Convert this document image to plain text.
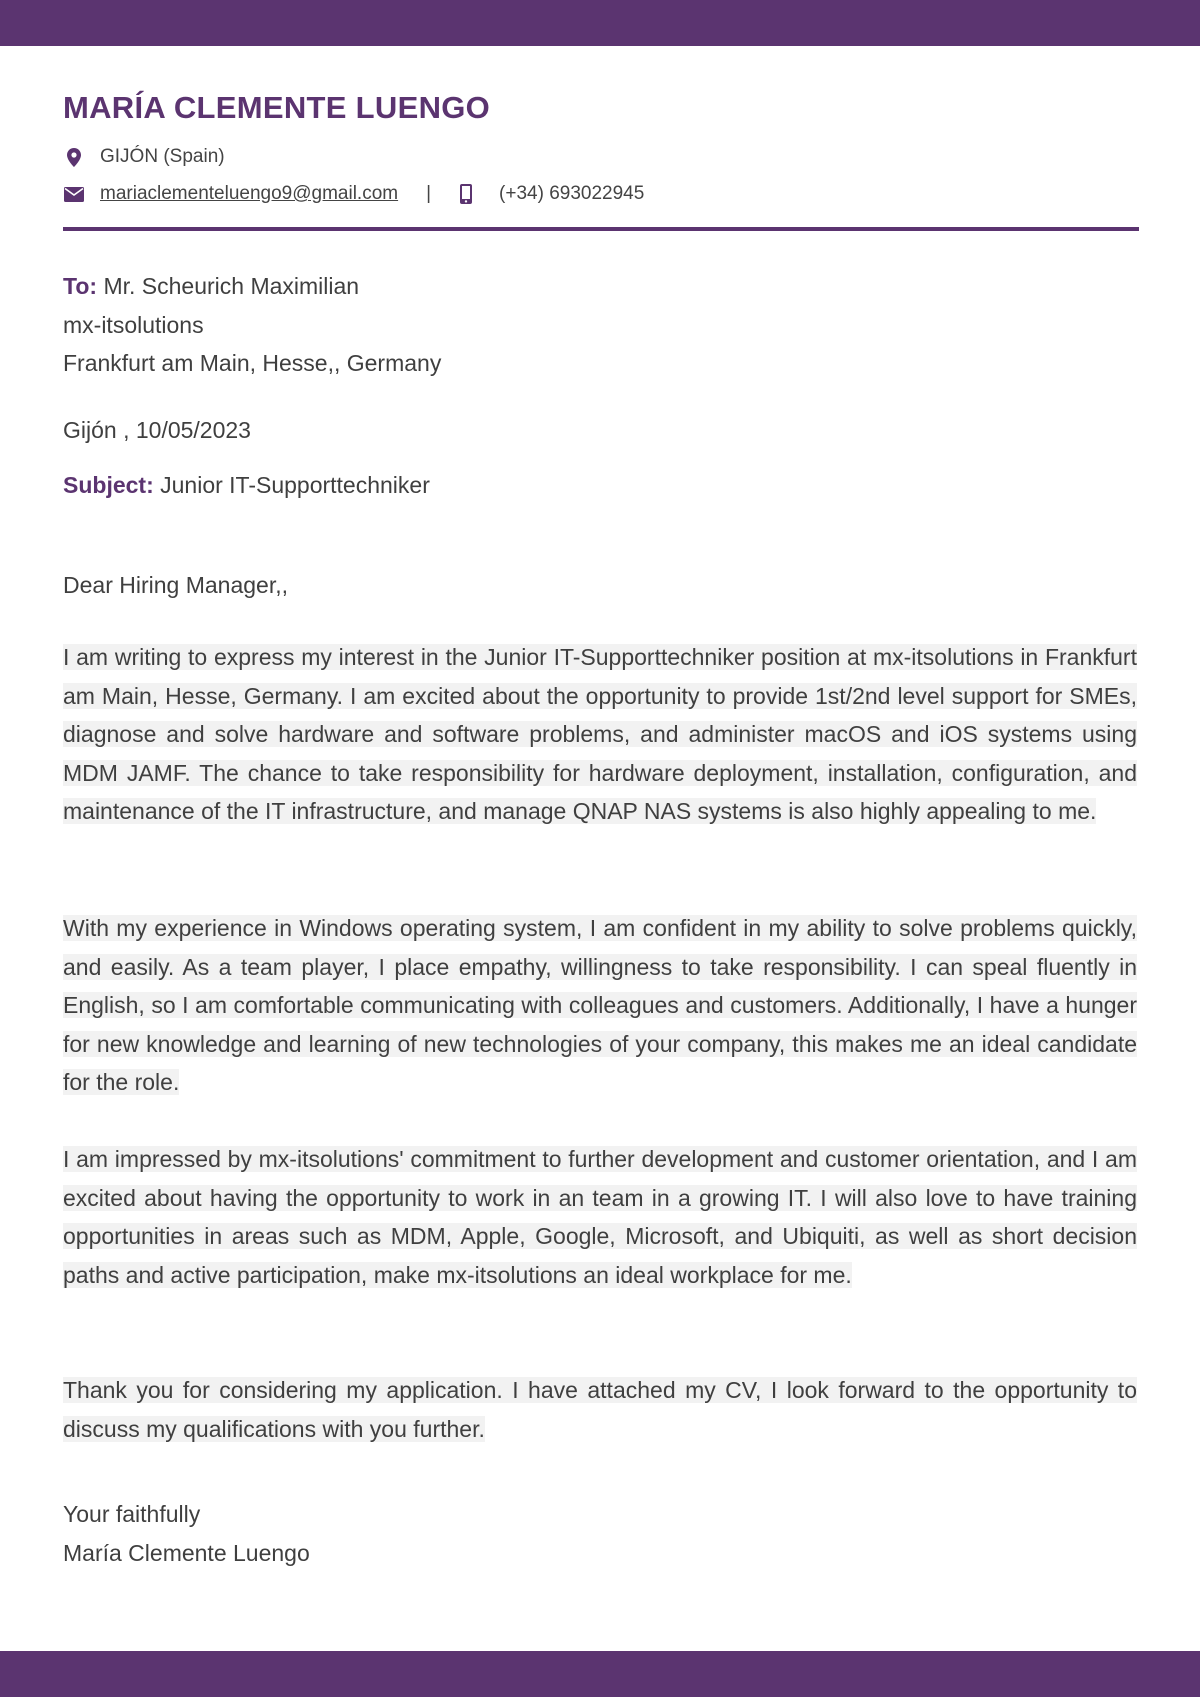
MARÍA CLEMENTE LUENGO
GIJÓN (Spain)
mariaclementeluengo9@gmail.com |	(+34) 693022945
To: Mr. Scheurich Maximilian
mx-itsolutions
Frankfurt am Main, Hesse,, Germany
Gijón , 10/05/2023
Subject: Junior IT-Supporttechniker
Dear Hiring Manager,,

I am writing to express my interest in the Junior IT-Supporttechniker position at mx-itsolutions in Frankfurt am Main, Hesse, Germany. I am excited about the opportunity to provide 1st/2nd level support for SMEs, diagnose and solve hardware and software problems, and administer macOS and iOS systems using MDM JAMF. The chance to take responsibility for hardware deployment, installation, configuration, and maintenance of the IT infrastructure, and manage QNAP NAS systems is also highly appealing to me.

With my experience in Windows operating system, I am confident in my ability to solve problems quickly, and easily. As a team player, I place empathy, willingness to take responsibility. I can speal fluently in English, so I am comfortable communicating with colleagues and customers. Additionally, I have a hunger for new knowledge and learning of new technologies of your company, this makes me an ideal candidate for the role.

I am impressed by mx-itsolutions' commitment to further development and customer orientation, and I am excited about having the opportunity to work in an team in a growing IT. I will also love to have training opportunities in areas such as MDM, Apple, Google, Microsoft, and Ubiquiti, as well as short decision paths and active participation, make mx-itsolutions an ideal workplace for me.

Thank you for considering my application. I have attached my CV, I look forward to the opportunity to discuss my qualifications with you further.

Your faithfully
María Clemente Luengo
